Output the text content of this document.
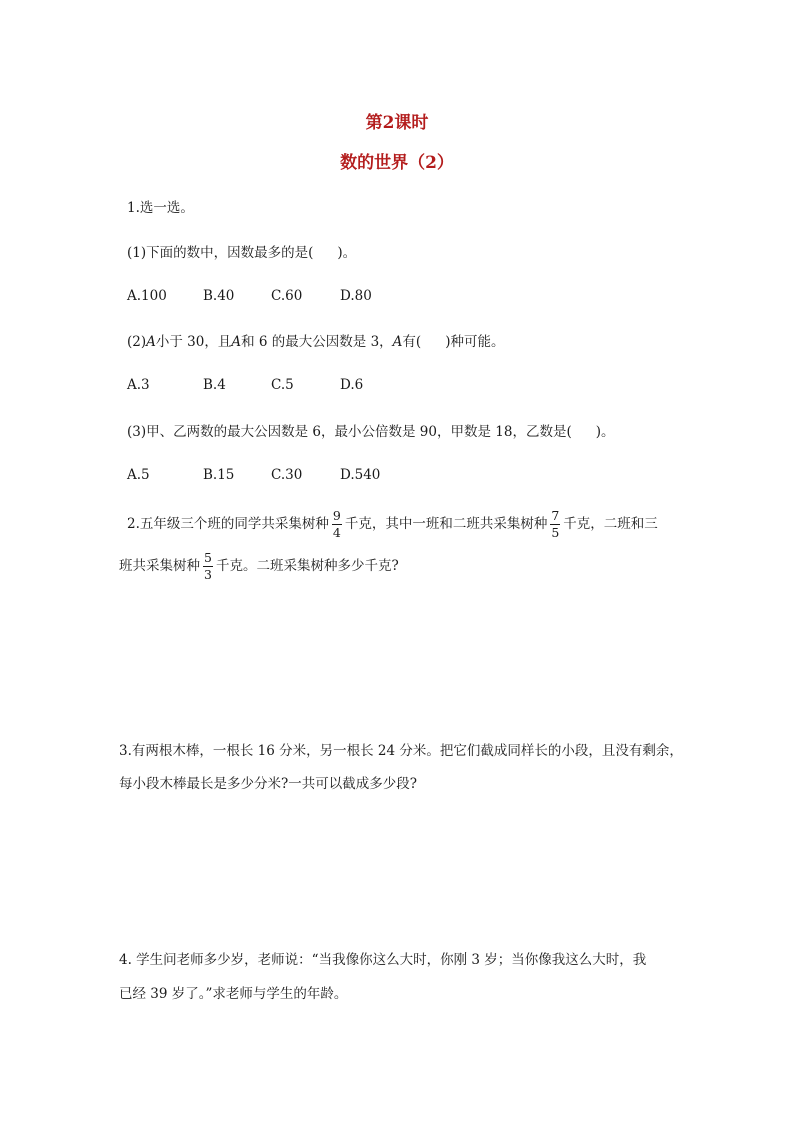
第2课时
数的世界（2）
1.选一选。
(1)下面的数中，因数最多的是( )。
A.100	B.40	C.60	D.80
(2)A小于 30，且A和 6 的最大公因数是 3，A有( )种可能。
A.3	B.4	C.5	D.6
(3)甲、乙两数的最大公因数是 6，最小公倍数是 90，甲数是 18，乙数是( )。
A.5	B.15	C.30	D.540
2.五年级三个班的同学共采集树种 $\frac{9}{4}$ 千克，其中一班和二班共采集树种 $\frac{7}{5}$ 千克，二班和三
班共采集树种 $\frac{5}{3}$ 千克。二班采集树种多少千克?
3.有两根木棒，一根长 16 分米，另一根长 24 分米。把它们截成同样长的小段，且没有剩余，
每小段木棒最长是多少分米?一共可以截成多少段?
4. 学生问老师多少岁，老师说：“当我像你这么大时，你刚 3 岁；当你像我这么大时，我
已经 39 岁了。”求老师与学生的年龄。
